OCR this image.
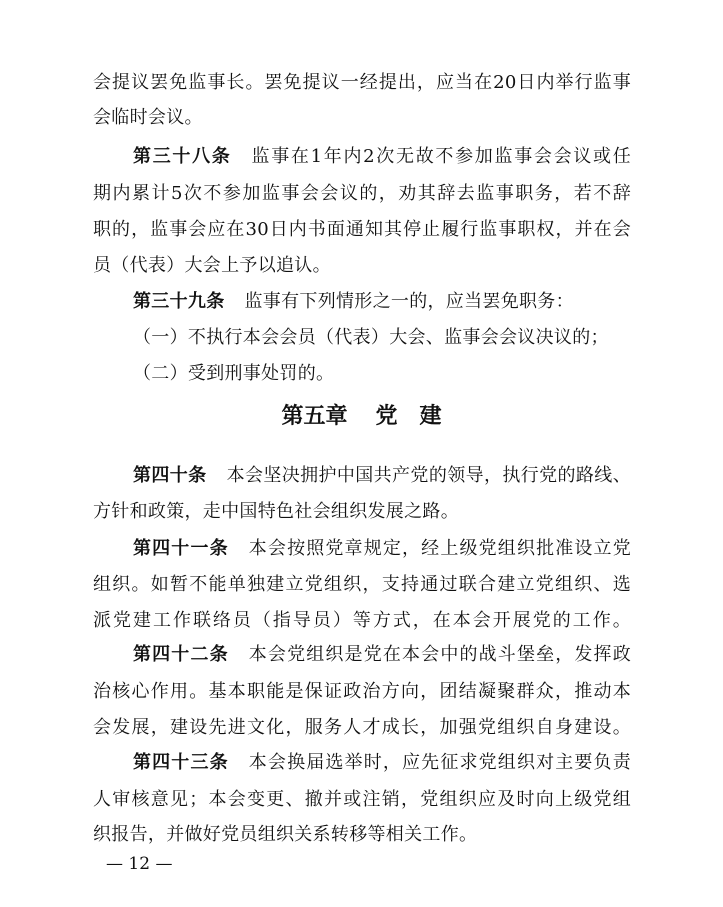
会提议罢免监事长。罢免提议一经提出，应当在20日内举行监事
会临时会议。
第三十八条 监事在1年内2次无故不参加监事会会议或任
期内累计5次不参加监事会会议的，劝其辞去监事职务，若不辞
职的，监事会应在30日内书面通知其停止履行监事职权，并在会
员（代表）大会上予以追认。
第三十九条 监事有下列情形之一的，应当罢免职务：
（一）不执行本会会员（代表）大会、监事会会议决议的；
（二）受到刑事处罚的。
第五章 党　建
第四十条 本会坚决拥护中国共产党的领导，执行党的路线、
方针和政策，走中国特色社会组织发展之路。
第四十一条 本会按照党章规定，经上级党组织批准设立党
组织。如暂不能单独建立党组织，支持通过联合建立党组织、选
派党建工作联络员（指导员）等方式，在本会开展党的工作。
第四十二条 本会党组织是党在本会中的战斗堡垒，发挥政
治核心作用。基本职能是保证政治方向，团结凝聚群众，推动本
会发展，建设先进文化，服务人才成长，加强党组织自身建设。
第四十三条 本会换届选举时，应先征求党组织对主要负责
人审核意见；本会变更、撤并或注销，党组织应及时向上级党组
织报告，并做好党员组织关系转移等相关工作。
— 12 —
